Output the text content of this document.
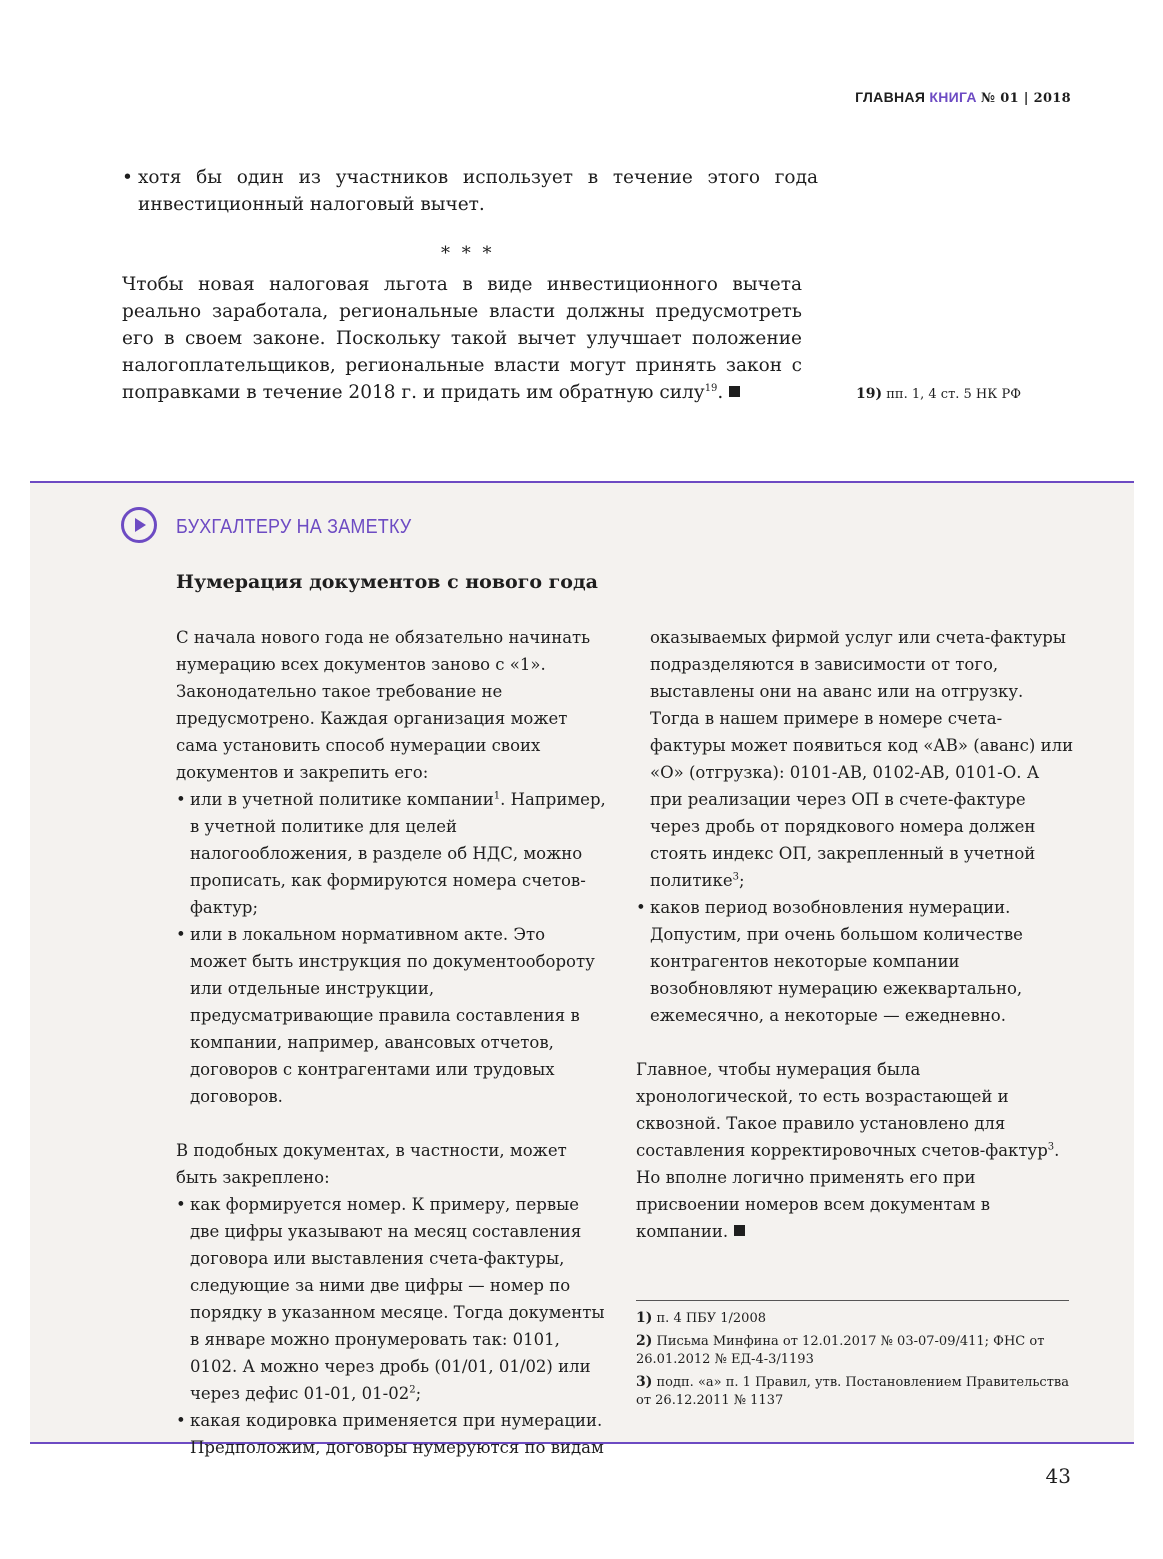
ГЛАВНАЯ КНИГА № 01 | 2018
• хотя бы один из участников использует в течение этого года инвестиционный налоговый вычет.
* * *
Чтобы новая налоговая льгота в виде инвестиционного вычета реально заработала, региональные власти должны предусмотреть его в своем законе. Поскольку такой вычет улучшает положение налогоплательщиков, региональные власти могут принять закон с поправками в течение 2018 г. и придать им обратную силу$^{19}$.	19) пп. 1, 4 ст. 5 НК РФ
БУХГАЛТЕРУ НА ЗАМЕТКУ
Нумерация документов с нового года

С начала нового года не обязательно начинать нумерацию всех документов заново с «1». Законодательно такое требование не предусмотрено. Каждая организация может сама установить способ нумерации своих документов и закрепить его:

• или в учетной политике компании$^1$. Например, в учетной политике для целей налогообложения, в разделе об НДС, можно прописать, как формируются номера счетов-фактур;
• или в локальном нормативном акте. Это может быть инструкция по документообороту или отдельные инструкции, предусматривающие правила составления в компании, например, авансовых отчетов, договоров с контрагентами или трудовых договоров.

В подобных документах, в частности, может быть закреплено:

• как формируется номер. К примеру, первые две цифры указывают на месяц составления договора или выставления счета-фактуры, следующие за ними две цифры — номер по порядку в указанном месяце. Тогда документы в январе можно пронумеровать так: 0101, 0102. А можно через дробь (01/01, 01/02) или через дефис 01-01, $01-02^2$;
• какая кодировка применяется при нумерации. Предположим, договоры нумеруются по видам

оказываемых фирмой услуг или счета-фактуры подразделяются в зависимости от того, выставлены они на аванс или на отгрузку. Тогда в нашем примере в номере счета-фактуры может появиться код «АВ» (аванс) или «О» (отгрузка): 0101-АВ, 0102-АВ, 0101-О. А при реализации через ОП в счете-фактуре через дробь от порядкового номера должен стоять индекс ОП, закрепленный в учетной политике$^3$;

• каков период возобновления нумерации. Допустим, при очень большом количестве контрагентов некоторые компании возобновляют нумерацию ежеквартально, ежемесячно, а некоторые — ежедневно.

Главное, чтобы нумерация была хронологической, то есть возрастающей и сквозной. Такое правило установлено для составления корректировочных счетов-фактур$^3$. Но вполне логично применять его при присвоении номеров всем документам в компании.

1) п. 4 ПБУ 1/2008
2) Письма Минфина от 12.01.2017 № 03-07-09/411; ФНС от 26.01.2012 № ЕД-4-3/1193
3) подп. «а» п. 1 Правил, утв. Постановлением Правительства от 26.12.2011 № 1137
43
